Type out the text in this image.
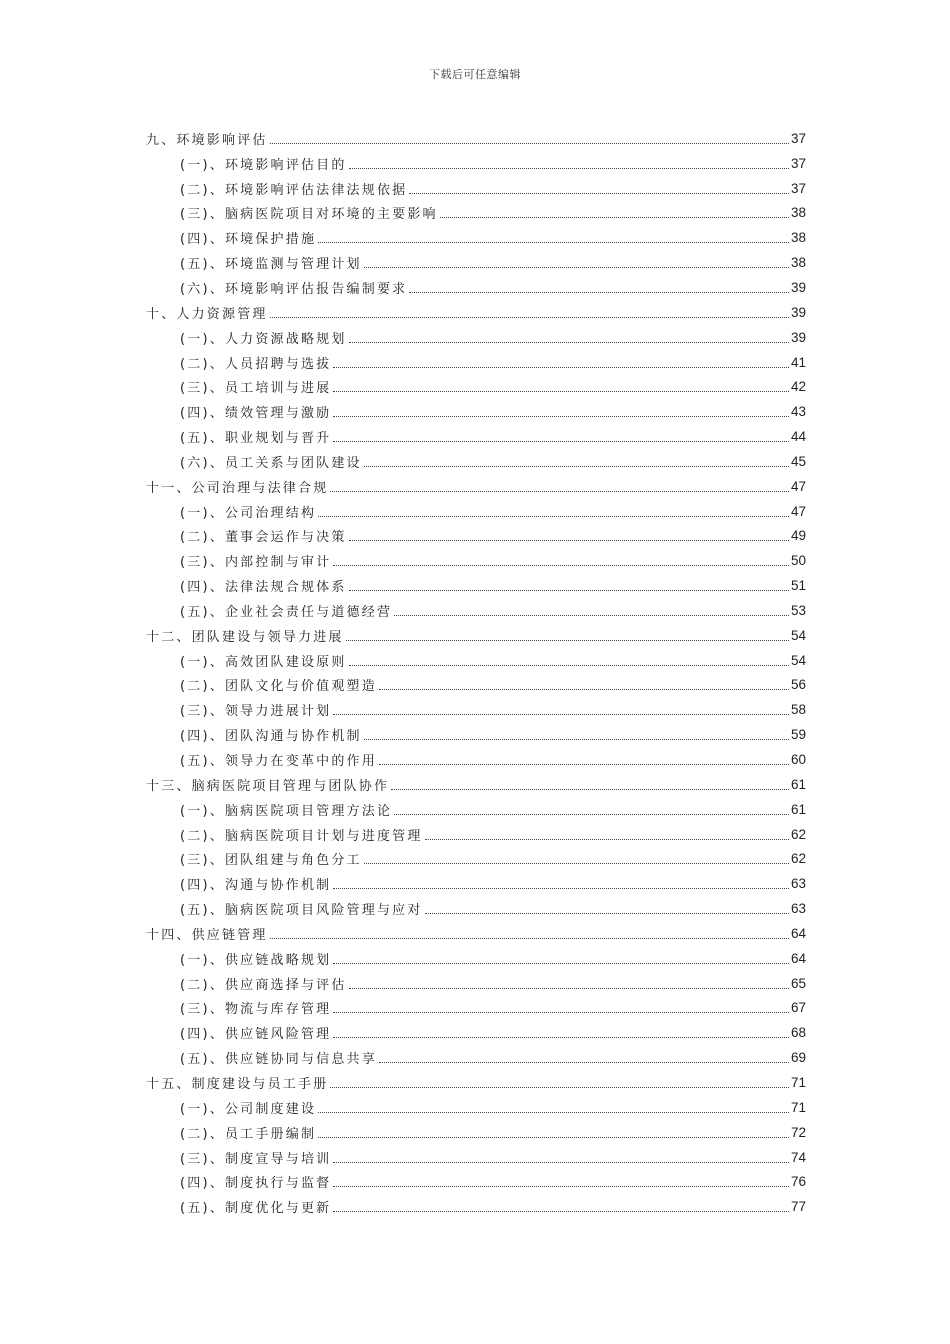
下载后可任意编辑
九、环境影响评估	37
(一)、环境影响评估目的	37
(二)、环境影响评估法律法规依据	37
(三)、脑病医院项目对环境的主要影响	38
(四)、环境保护措施	38
(五)、环境监测与管理计划	38
(六)、环境影响评估报告编制要求	39
十、人力资源管理	39
(一)、人力资源战略规划	39
(二)、人员招聘与选拔	41
(三)、员工培训与进展	42
(四)、绩效管理与激励	43
(五)、职业规划与晋升	44
(六)、员工关系与团队建设	45
十一、公司治理与法律合规	47
(一)、公司治理结构	47
(二)、董事会运作与决策	49
(三)、内部控制与审计	50
(四)、法律法规合规体系	51
(五)、企业社会责任与道德经营	53
十二、团队建设与领导力进展	54
(一)、高效团队建设原则	54
(二)、团队文化与价值观塑造	56
(三)、领导力进展计划	58
(四)、团队沟通与协作机制	59
(五)、领导力在变革中的作用	60
十三、脑病医院项目管理与团队协作	61
(一)、脑病医院项目管理方法论	61
(二)、脑病医院项目计划与进度管理	62
(三)、团队组建与角色分工	62
(四)、沟通与协作机制	63
(五)、脑病医院项目风险管理与应对	63
十四、供应链管理	64
(一)、供应链战略规划	64
(二)、供应商选择与评估	65
(三)、物流与库存管理	67
(四)、供应链风险管理	68
(五)、供应链协同与信息共享	69
十五、制度建设与员工手册	71
(一)、公司制度建设	71
(二)、员工手册编制	72
(三)、制度宣导与培训	74
(四)、制度执行与监督	76
(五)、制度优化与更新	77
